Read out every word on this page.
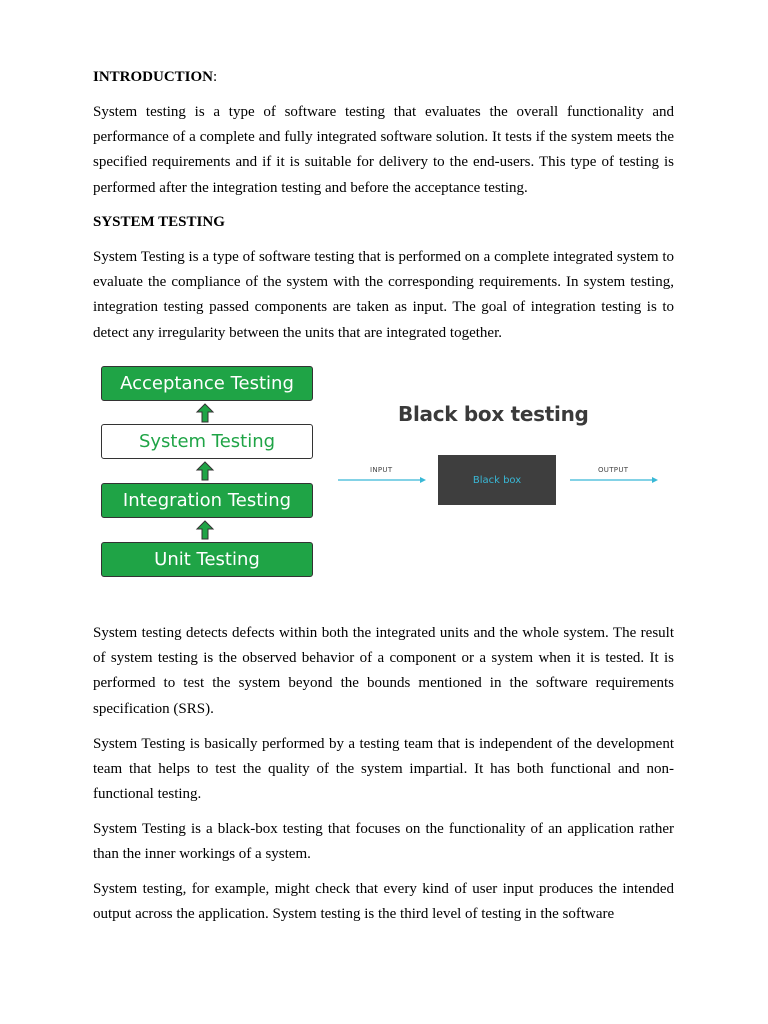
INTRODUCTION:

System testing is a type of software testing that evaluates the overall functionality and performance of a complete and fully integrated software solution. It tests if the system meets the specified requirements and if it is suitable for delivery to the end-users. This type of testing is performed after the integration testing and before the acceptance testing.

SYSTEM TESTING

System Testing is a type of software testing that is performed on a complete integrated system to evaluate the compliance of the system with the corresponding requirements. In system testing, integration testing passed components are taken as input. The goal of integration testing is to detect any irregularity between the units that are integrated together.

Acceptance Testing
System Testing
Integration Testing
Unit Testing
Black box testing
INPUT
Black box
OUTPUT

System testing detects defects within both the integrated units and the whole system. The result of system testing is the observed behavior of a component or a system when it is tested. It is performed to test the system beyond the bounds mentioned in the software requirements specification (SRS).

System Testing is basically performed by a testing team that is independent of the development team that helps to test the quality of the system impartial. It has both functional and non-functional testing.

System Testing is a black-box testing that focuses on the functionality of an application rather than the inner workings of a system.

System testing, for example, might check that every kind of user input produces the intended output across the application. System testing is the third level of testing in the software
